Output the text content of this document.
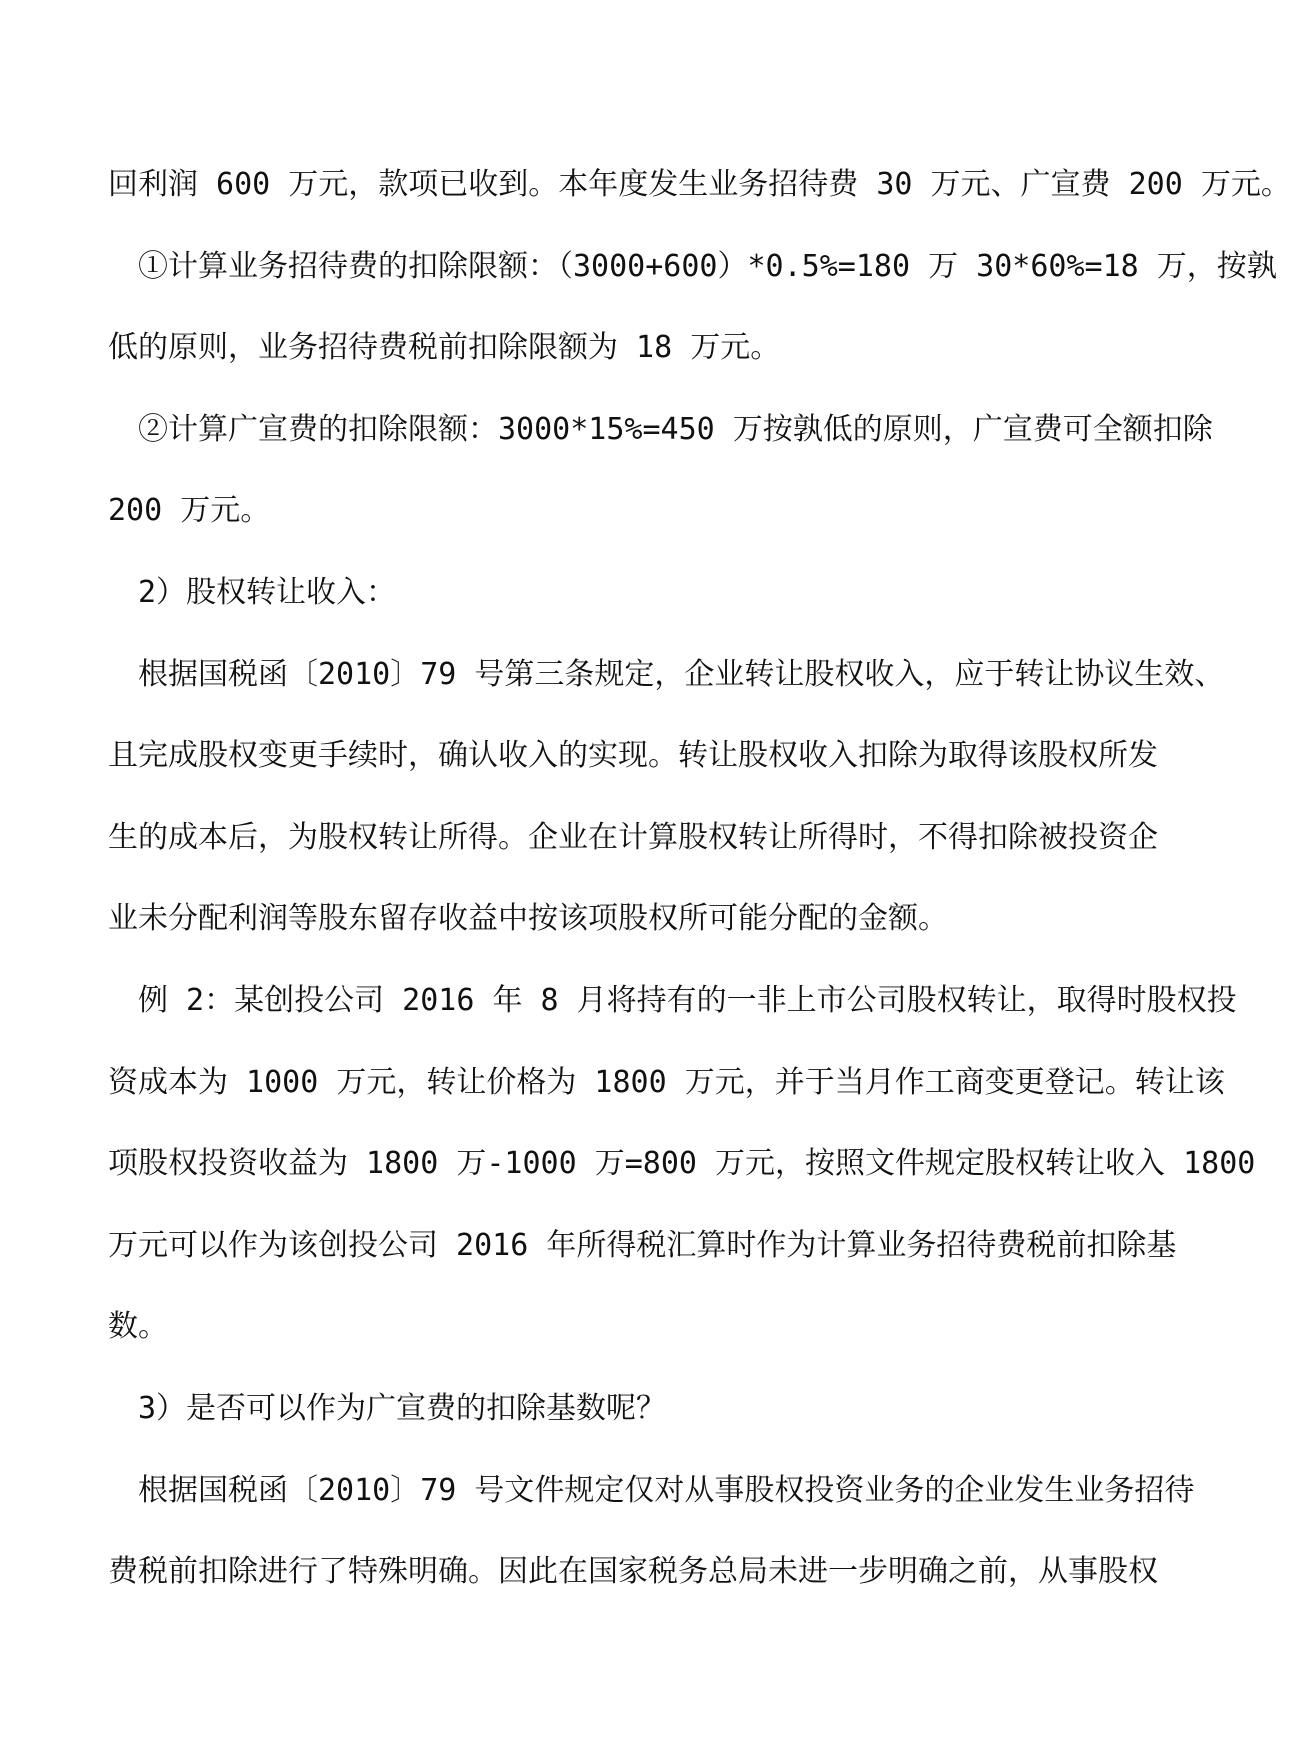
回利润 600 万元，款项已收到。本年度发生业务招待费 30 万元、广宣费 200 万元。
①计算业务招待费的扣除限额：（3000+600）*0.5%=180 万 30*60%=18 万，按孰
低的原则，业务招待费税前扣除限额为 18 万元。
②计算广宣费的扣除限额：3000*15%=450 万按孰低的原则，广宣费可全额扣除
200 万元。
2）股权转让收入：
根据国税函〔2010〕79 号第三条规定，企业转让股权收入，应于转让协议生效、
且完成股权变更手续时，确认收入的实现。转让股权收入扣除为取得该股权所发
生的成本后，为股权转让所得。企业在计算股权转让所得时，不得扣除被投资企
业未分配利润等股东留存收益中按该项股权所可能分配的金额。
例 2：某创投公司 2016 年 8 月将持有的一非上市公司股权转让，取得时股权投
资成本为 1000 万元，转让价格为 1800 万元，并于当月作工商变更登记。转让该
项股权投资收益为 1800 万-1000 万=800 万元，按照文件规定股权转让收入 1800
万元可以作为该创投公司 2016 年所得税汇算时作为计算业务招待费税前扣除基
数。
3）是否可以作为广宣费的扣除基数呢？
根据国税函〔2010〕79 号文件规定仅对从事股权投资业务的企业发生业务招待
费税前扣除进行了特殊明确。因此在国家税务总局未进一步明确之前，从事股权
